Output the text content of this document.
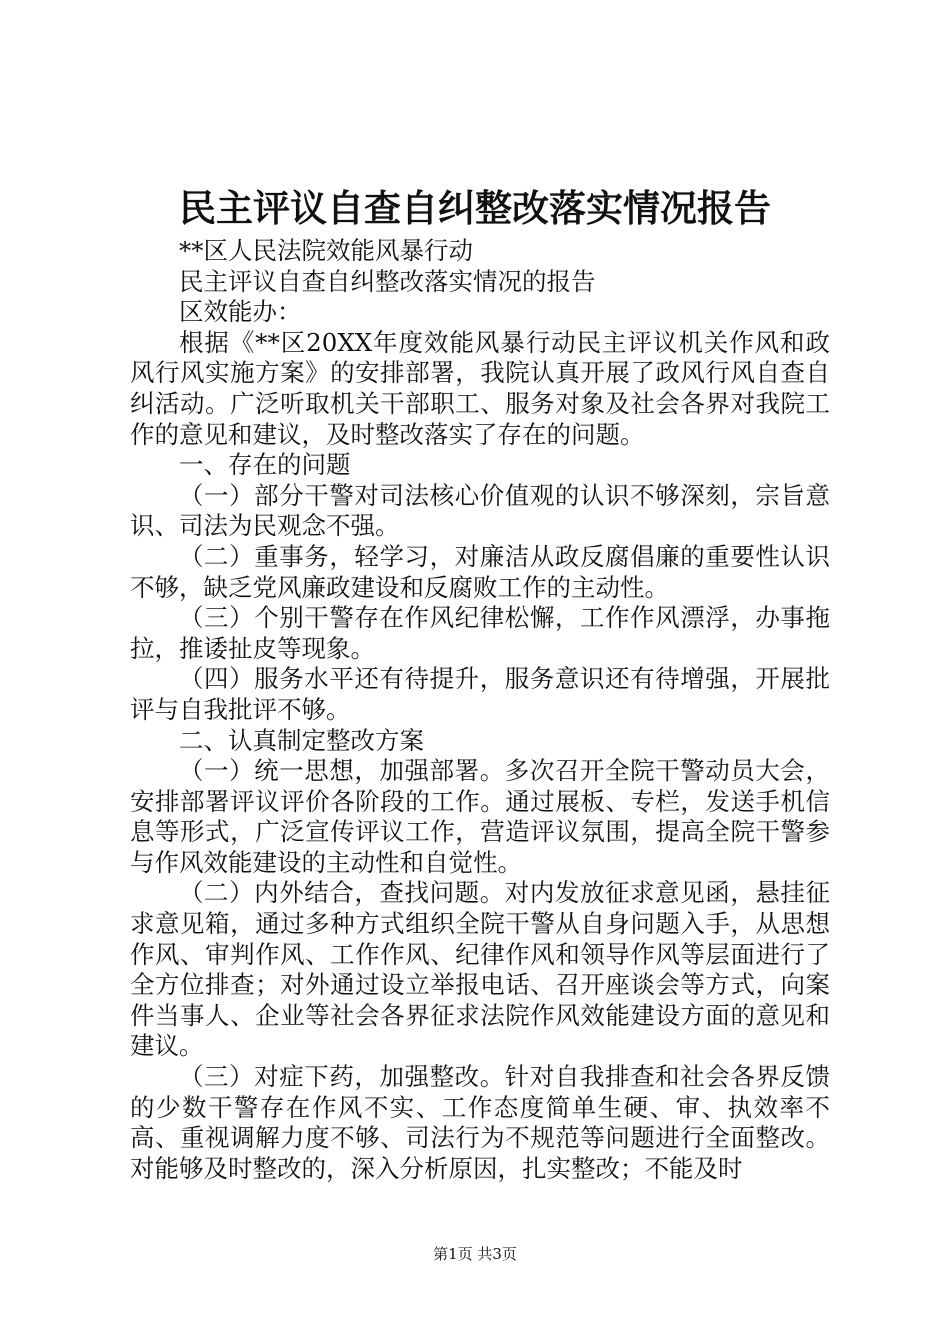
民主评议自查自纠整改落实情况报告

**区人民法院效能风暴行动

民主评议自查自纠整改落实情况的报告

区效能办：

根据《**区20XX年度效能风暴行动民主评议机关作风和政风行风实施方案》的安排部署，我院认真开展了政风行风自查自纠活动。广泛听取机关干部职工、服务对象及社会各界对我院工作的意见和建议，及时整改落实了存在的问题。

一、存在的问题

（一）部分干警对司法核心价值观的认识不够深刻，宗旨意识、司法为民观念不强。

（二）重事务，轻学习，对廉洁从政反腐倡廉的重要性认识不够，缺乏党风廉政建设和反腐败工作的主动性。

（三）个别干警存在作风纪律松懈，工作作风漂浮，办事拖拉，推诿扯皮等现象。

（四）服务水平还有待提升，服务意识还有待增强，开展批评与自我批评不够。

二、认真制定整改方案

（一）统一思想，加强部署。多次召开全院干警动员大会，安排部署评议评价各阶段的工作。通过展板、专栏，发送手机信息等形式，广泛宣传评议工作，营造评议氛围，提高全院干警参与作风效能建设的主动性和自觉性。

（二）内外结合，查找问题。对内发放征求意见函，悬挂征求意见箱，通过多种方式组织全院干警从自身问题入手，从思想作风、审判作风、工作作风、纪律作风和领导作风等层面进行了全方位排查；对外通过设立举报电话、召开座谈会等方式，向案件当事人、企业等社会各界征求法院作风效能建设方面的意见和建议。

（三）对症下药，加强整改。针对自我排查和社会各界反馈的少数干警存在作风不实、工作态度简单生硬、审、执效率不高、重视调解力度不够、司法行为不规范等问题进行全面整改。对能够及时整改的，深入分析原因，扎实整改；不能及时

第1页 共3页
